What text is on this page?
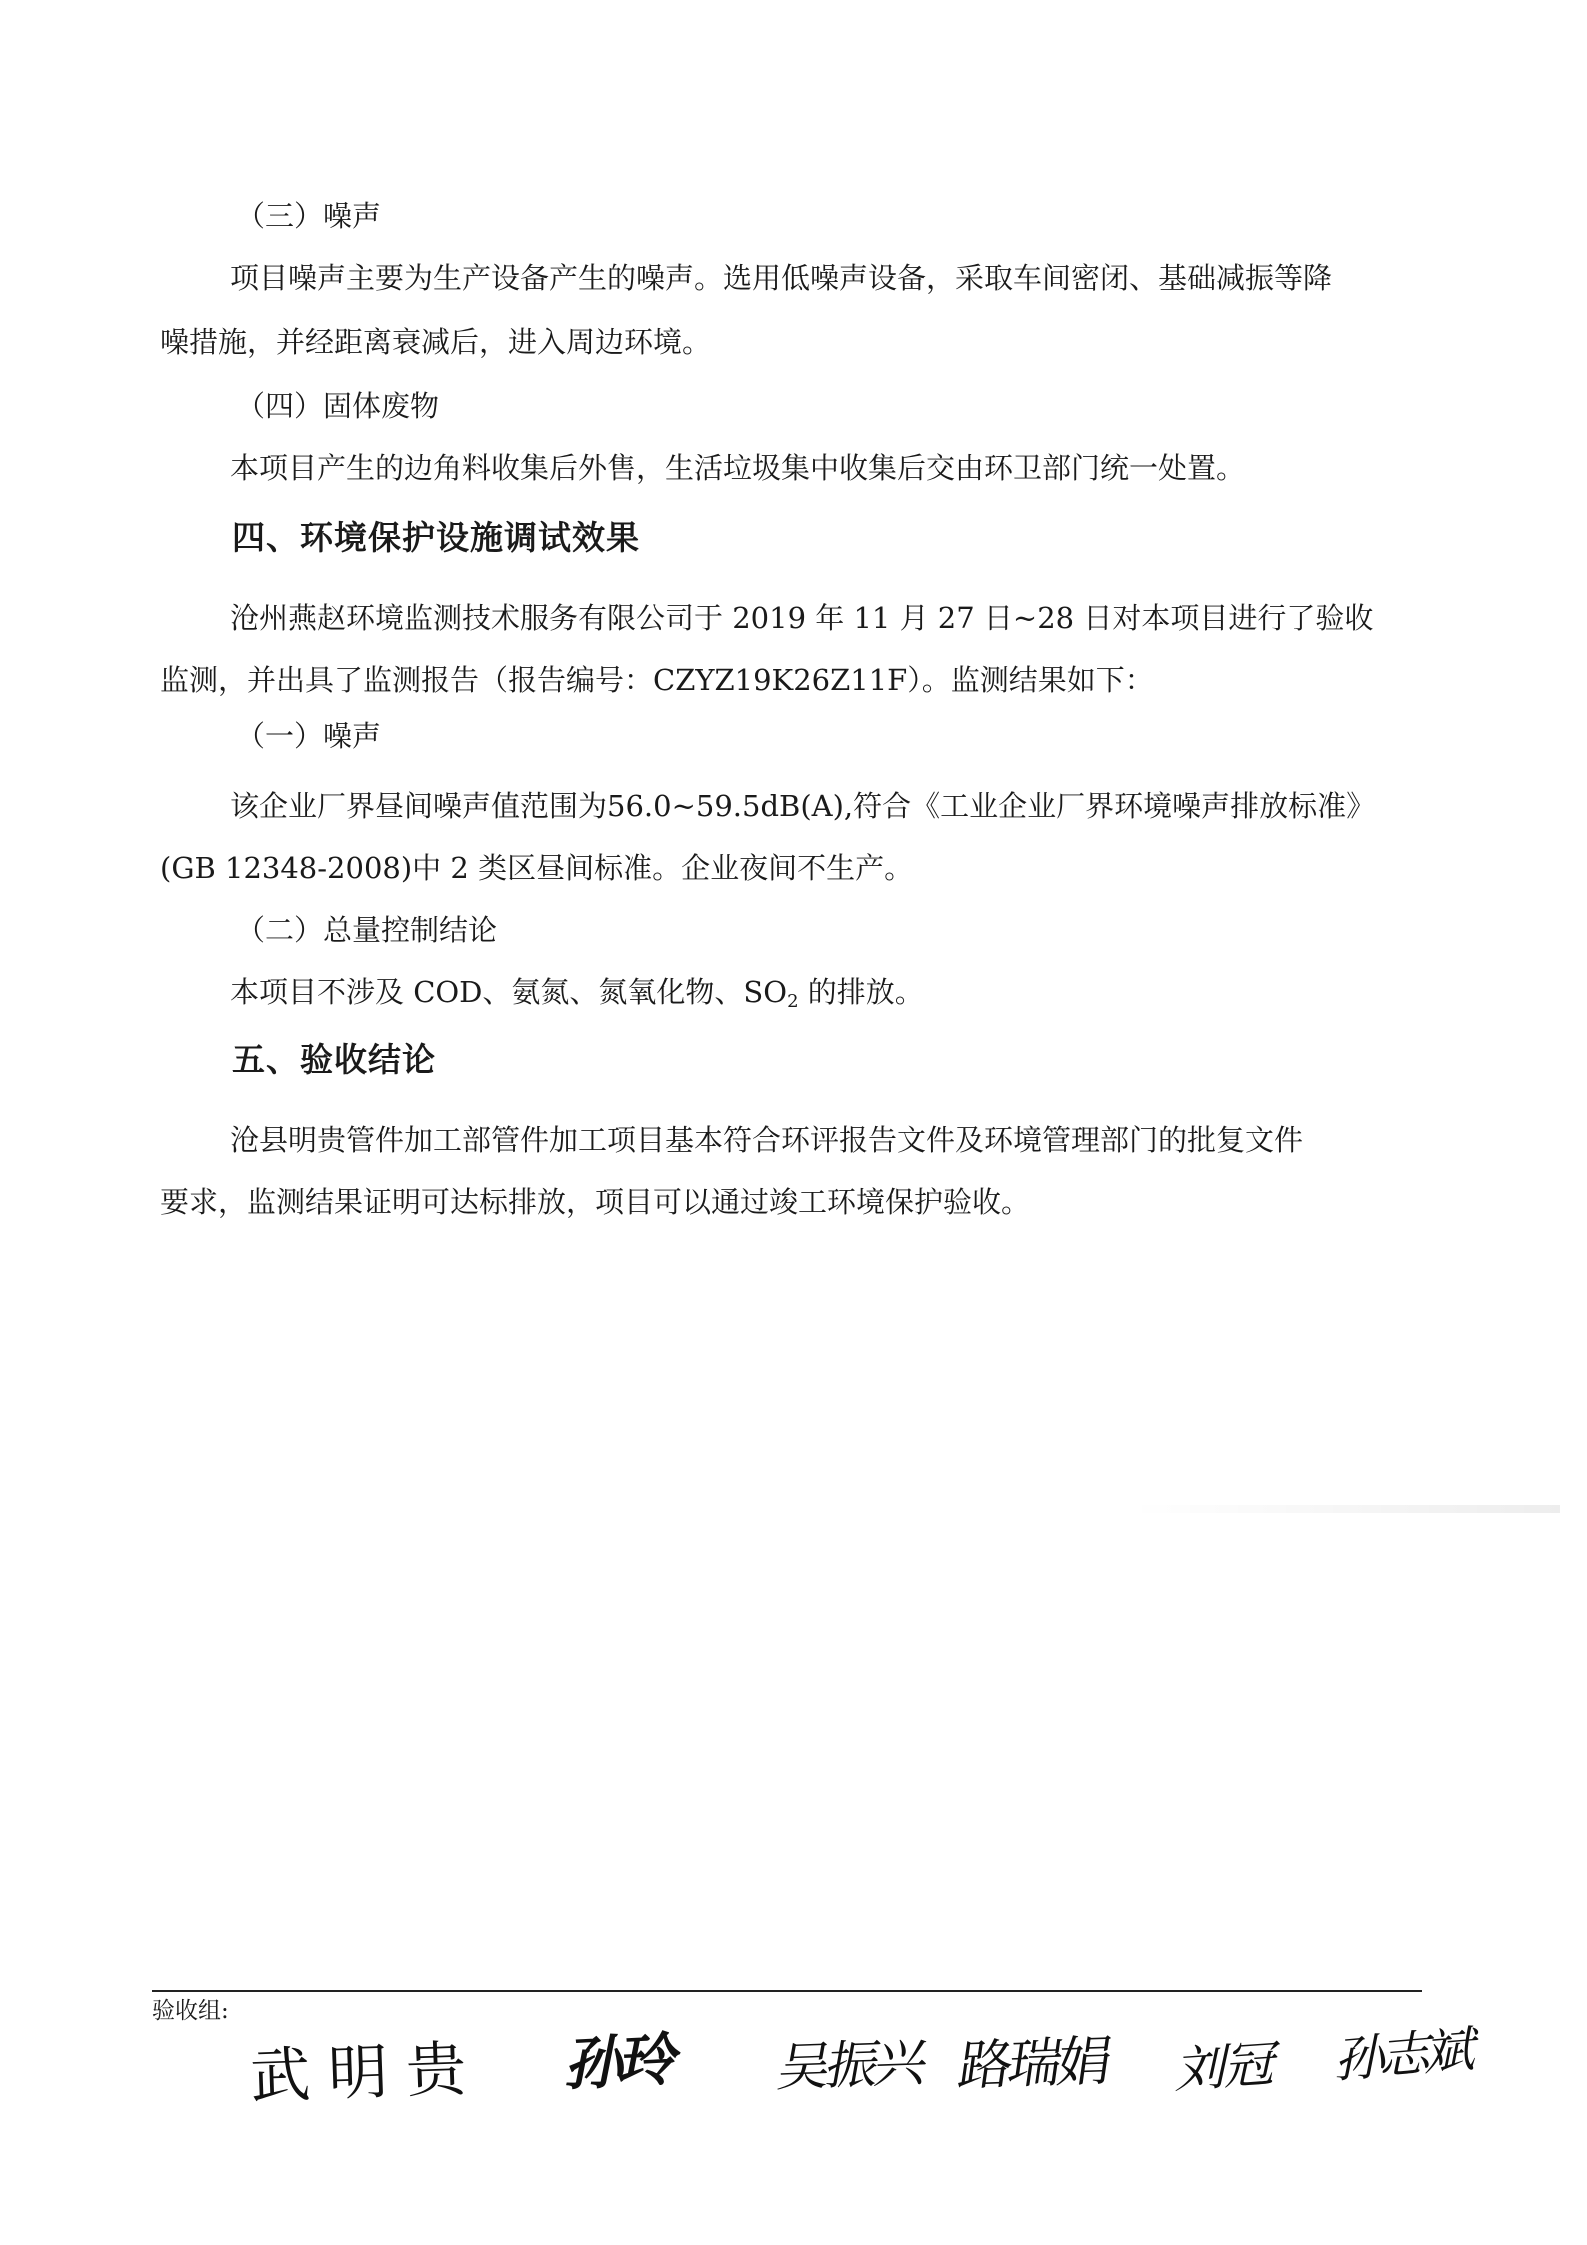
（三）噪声

项目噪声主要为生产设备产生的噪声。选用低噪声设备，采取车间密闭、基础减振等降

噪措施，并经距离衰减后，进入周边环境。

（四）固体废物

本项目产生的边角料收集后外售，生活垃圾集中收集后交由环卫部门统一处置。

四、环境保护设施调试效果

沧州燕赵环境监测技术服务有限公司于 2019 年 11 月 27 日~28 日对本项目进行了验收

监测，并出具了监测报告（报告编号：CZYZ19K26Z11F）。监测结果如下：

（一）噪声

该企业厂界昼间噪声值范围为56.0~59.5dB(A),符合《工业企业厂界环境噪声排放标准》

(GB 12348-2008)中 2 类区昼间标准。企业夜间不生产。

（二）总量控制结论

本项目不涉及 COD、氨氮、氮氧化物、$SO_2$ 的排放。

五、验收结论

沧县明贵管件加工部管件加工项目基本符合环评报告文件及环境管理部门的批复文件

要求，监测结果证明可达标排放，项目可以通过竣工环境保护验收。

验收组:
武明贵 孙玲 吴振兴 路瑞娟 刘冠 孙志斌
